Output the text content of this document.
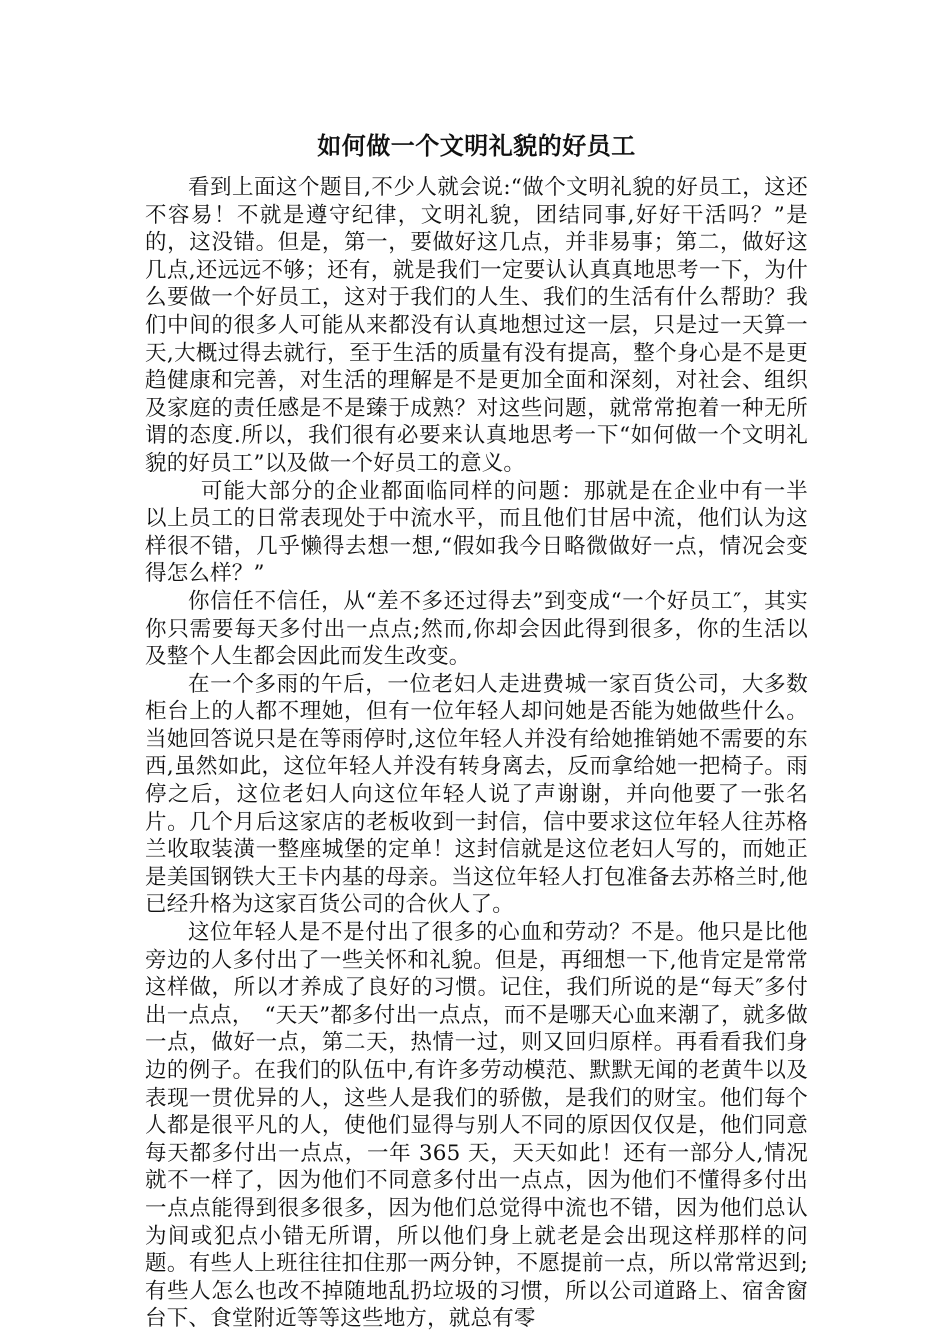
如何做一个文明礼貌的好员工

看到上面这个题目,不少人就会说:“做个文明礼貌的好员工，这还不容易！不就是遵守纪律，文明礼貌，团结同事,好好干活吗？”是的，这没错。但是，第一，要做好这几点，并非易事；第二，做好这几点,还远远不够；还有，就是我们一定要认认真真地思考一下，为什么要做一个好员工，这对于我们的人生、我们的生活有什么帮助？我们中间的很多人可能从来都没有认真地想过这一层，只是过一天算一天,大概过得去就行，至于生活的质量有没有提高，整个身心是不是更趋健康和完善，对生活的理解是不是更加全面和深刻，对社会、组织及家庭的责任感是不是臻于成熟？对这些问题，就常常抱着一种无所谓的态度.所以，我们很有必要来认真地思考一下“如何做一个文明礼貌的好员工”以及做一个好员工的意义。

可能大部分的企业都面临同样的问题：那就是在企业中有一半以上员工的日常表现处于中流水平，而且他们甘居中流，他们认为这样很不错，几乎懒得去想一想,“假如我今日略微做好一点，情况会变得怎么样？”

你信任不信任，从“差不多还过得去”到变成“一个好员工″，其实你只需要每天多付出一点点;然而,你却会因此得到很多，你的生活以及整个人生都会因此而发生改变。

在一个多雨的午后，一位老妇人走进费城一家百货公司，大多数柜台上的人都不理她，但有一位年轻人却问她是否能为她做些什么。当她回答说只是在等雨停时,这位年轻人并没有给她推销她不需要的东西,虽然如此，这位年轻人并没有转身离去，反而拿给她一把椅子。雨停之后，这位老妇人向这位年轻人说了声谢谢，并向他要了一张名片。几个月后这家店的老板收到一封信，信中要求这位年轻人往苏格兰收取装潢一整座城堡的定单！这封信就是这位老妇人写的，而她正是美国钢铁大王卡内基的母亲。当这位年轻人打包准备去苏格兰时,他已经升格为这家百货公司的合伙人了。

这位年轻人是不是付出了很多的心血和劳动？不是。他只是比他旁边的人多付出了一些关怀和礼貌。但是，再细想一下,他肯定是常常这样做，所以才养成了良好的习惯。记住，我们所说的是“每天″多付出一点点，　“天天”都多付出一点点，而不是哪天心血来潮了，就多做一点，做好一点，第二天，热情一过，则又回归原样。再看看我们身边的例子。在我们的队伍中,有许多劳动模范、默默无闻的老黄牛以及表现一贯优异的人，这些人是我们的骄傲，是我们的财宝。他们每个人都是很平凡的人，使他们显得与别人不同的原因仅仅是，他们同意每天都多付出一点点，一年 365 天，天天如此！还有一部分人,情况就不一样了，因为他们不同意多付出一点点，因为他们不懂得多付出一点点能得到很多很多，因为他们总觉得中流也不错，因为他们总认为间或犯点小错无所谓，所以他们身上就老是会出现这样那样的问题。有些人上班往往扣住那一两分钟，不愿提前一点，所以常常迟到;有些人怎么也改不掉随地乱扔垃圾的习惯，所以公司道路上、宿舍窗台下、食堂附近等等这些地方，就总有零
